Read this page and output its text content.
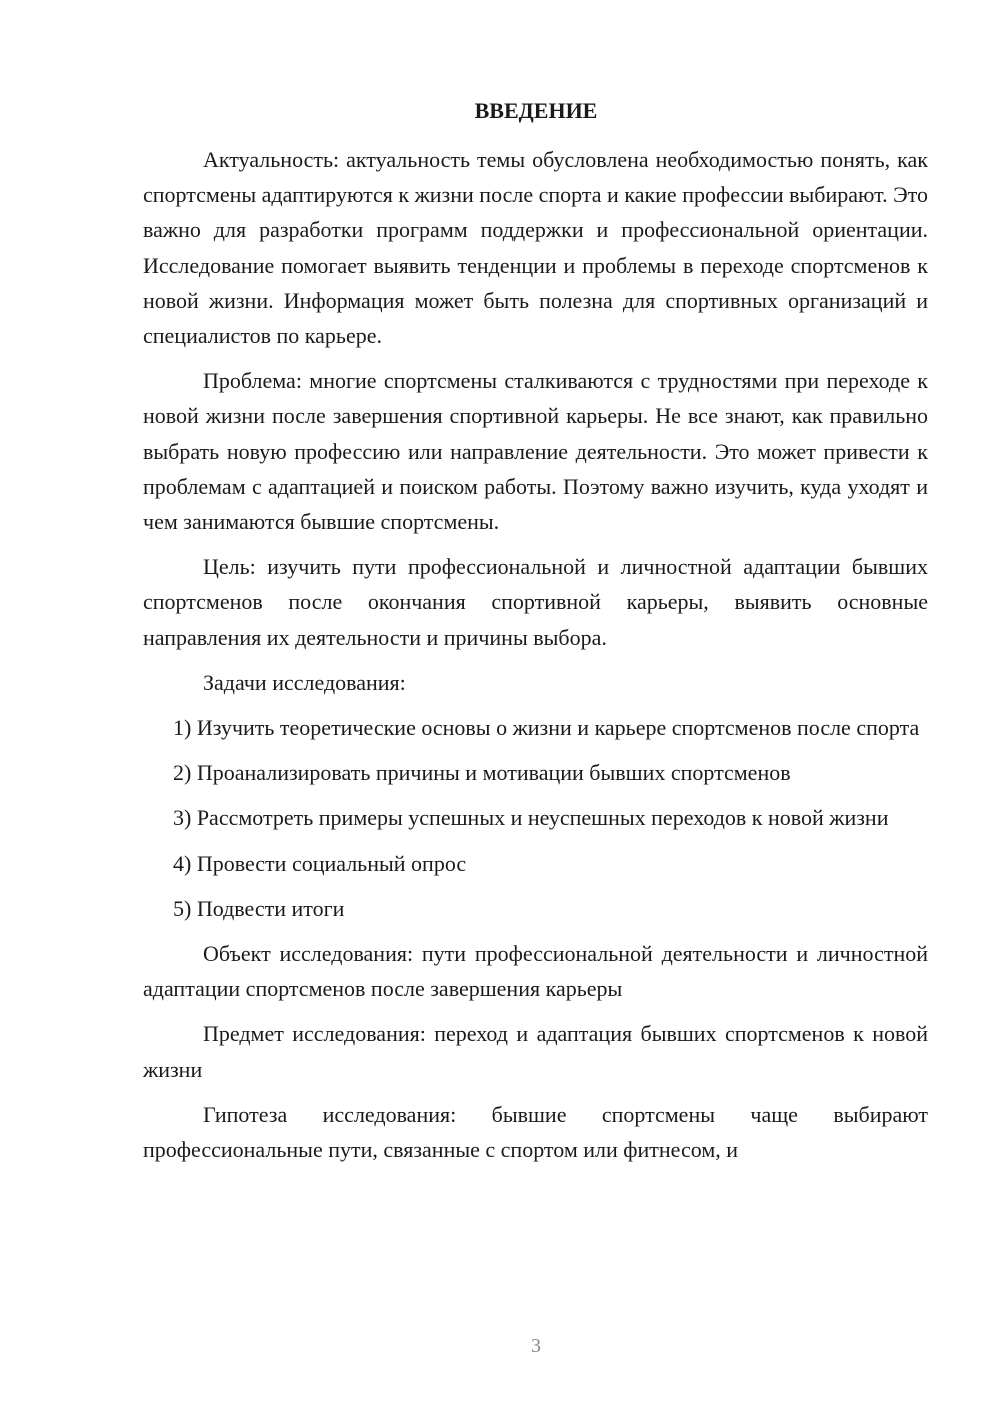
ВВЕДЕНИЕ

Актуальность: актуальность темы обусловлена необходимостью понять, как спортсмены адаптируются к жизни после спорта и какие профессии выбирают. Это важно для разработки программ поддержки и профессиональной ориентации. Исследование помогает выявить тенденции и проблемы в переходе спортсменов к новой жизни. Информация может быть полезна для спортивных организаций и специалистов по карьере.

Проблема: многие спортсмены сталкиваются с трудностями при переходе к новой жизни после завершения спортивной карьеры. Не все знают, как правильно выбрать новую профессию или направление деятельности. Это может привести к проблемам с адаптацией и поиском работы. Поэтому важно изучить, куда уходят и чем занимаются бывшие спортсмены.

Цель: изучить пути профессиональной и личностной адаптации бывших спортсменов после окончания спортивной карьеры, выявить основные направления их деятельности и причины выбора.

Задачи исследования:

1) Изучить теоретические основы о жизни и карьере спортсменов после спорта

2) Проанализировать причины и мотивации бывших спортсменов

3) Рассмотреть примеры успешных и неуспешных переходов к новой жизни

4) Провести социальный опрос

5) Подвести итоги

Объект исследования: пути профессиональной деятельности и личностной адаптации спортсменов после завершения карьеры

Предмет исследования: переход и адаптация бывших спортсменов к новой жизни

Гипотеза исследования: бывшие спортсмены чаще выбирают профессиональные пути, связанные с спортом или фитнесом, и

3
